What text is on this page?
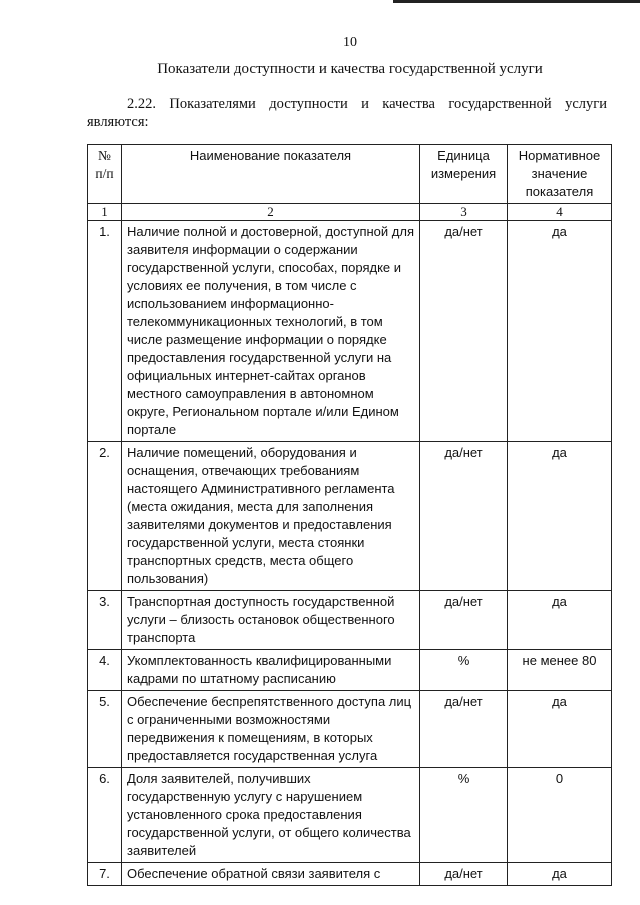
10
Показатели доступности и качества государственной услуги
2.22. Показателями доступности и качества государственной услуги
являются:
№ п/п	Наименование показателя	Единица измерения	Нормативное значение показателя
1	2	3	4
1.	Наличие полной и достоверной, доступной для заявителя информации о содержании государственной услуги, способах, порядке и условиях ее получения, в том числе с использованием информационно-телекоммуникационных технологий, в том числе размещение информации о порядке предоставления государственной услуги на официальных интернет-сайтах органов местного самоуправления в автономном округе, Региональном портале и/или Едином портале	да/нет	да
2.	Наличие помещений, оборудования и оснащения, отвечающих требованиям настоящего Административного регламента (места ожидания, места для заполнения заявителями документов и предоставления государственной услуги, места стоянки транспортных средств, места общего пользования)	да/нет	да
3.	Транспортная доступность государственной услуги – близость остановок общественного транспорта	да/нет	да
4.	Укомплектованность квалифицированными кадрами по штатному расписанию	%	не менее 80
5.	Обеспечение беспрепятственного доступа лиц с ограниченными возможностями передвижения к помещениям, в которых предоставляется государственная услуга	да/нет	да
6.	Доля заявителей, получивших государственную услугу с нарушением установленного срока предоставления государственной услуги, от общего количества заявителей	%	0
7.	Обеспечение обратной связи заявителя с	да/нет	да
